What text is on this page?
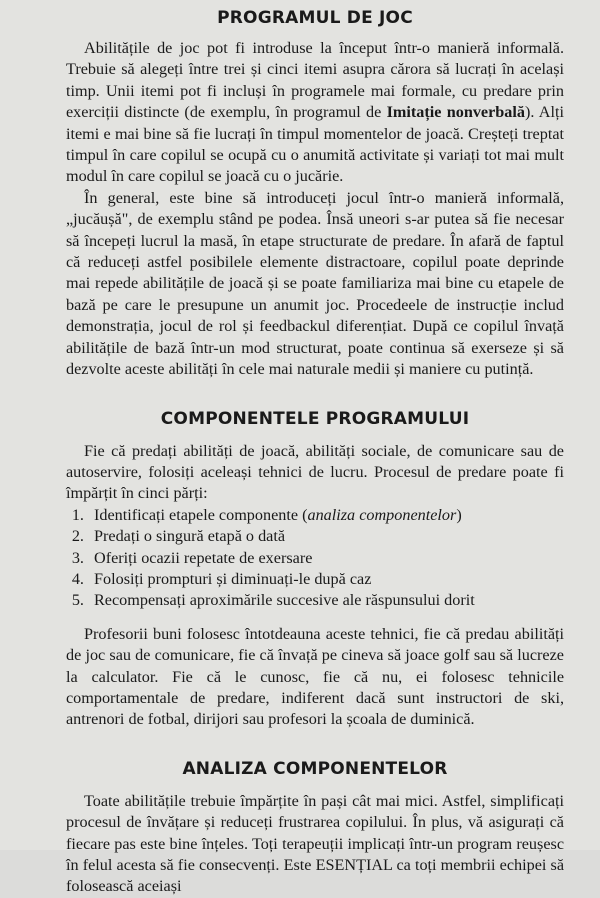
PROGRAMUL DE JOC

Abilitățile de joc pot fi introduse la început într-o manieră informală. Trebuie să alegeți între trei și cinci itemi asupra cărora să lucrați în același timp. Unii itemi pot fi incluși în programele mai formale, cu predare prin exerciții distincte (de exemplu, în programul de Imitație nonverbală). Alți itemi e mai bine să fie lucrați în timpul momentelor de joacă. Creșteți treptat timpul în care copilul se ocupă cu o anumită activitate și variați tot mai mult modul în care copilul se joacă cu o jucărie.

În general, este bine să introduceți jocul într-o manieră informală, „jucăușă", de exemplu stând pe podea. Însă uneori s-ar putea să fie necesar să începeți lucrul la masă, în etape structurate de predare. În afară de faptul că reduceți astfel posibilele elemente distractoare, copilul poate deprinde mai repede abilitățile de joacă și se poate familiariza mai bine cu etapele de bază pe care le presupune un anumit joc. Procedeele de instrucție includ demonstrația, jocul de rol și feedbackul diferențiat. După ce copilul învață abilitățile de bază într-un mod structurat, poate continua să exerseze și să dezvolte aceste abilități în cele mai naturale medii și maniere cu putință.

COMPONENTELE PROGRAMULUI

Fie că predați abilități de joacă, abilități sociale, de comunicare sau de autoservire, folosiți aceleași tehnici de lucru. Procesul de predare poate fi împărțit în cinci părți:

1. Identificați etapele componente (analiza componentelor)
2. Predați o singură etapă o dată
3. Oferiți ocazii repetate de exersare
4. Folosiți prompturi și diminuați-le după caz
5. Recompensați aproximările succesive ale răspunsului dorit

Profesorii buni folosesc întotdeauna aceste tehnici, fie că predau abilități de joc sau de comunicare, fie că învață pe cineva să joace golf sau să lucreze la calculator. Fie că le cunosc, fie că nu, ei folosesc tehnicile comportamentale de predare, indiferent dacă sunt instructori de ski, antrenori de fotbal, dirijori sau profesori la școala de duminică.

ANALIZA COMPONENTELOR

Toate abilitățile trebuie împărțite în pași cât mai mici. Astfel, simplificați procesul de învățare și reduceți frustrarea copilului. În plus, vă asigurați că fiecare pas este bine înțeles. Toți terapeuții implicați într-un program reușesc în felul acesta să fie consecvenți. Este ESENȚIAL ca toți membrii echipei să folosească aceiași
